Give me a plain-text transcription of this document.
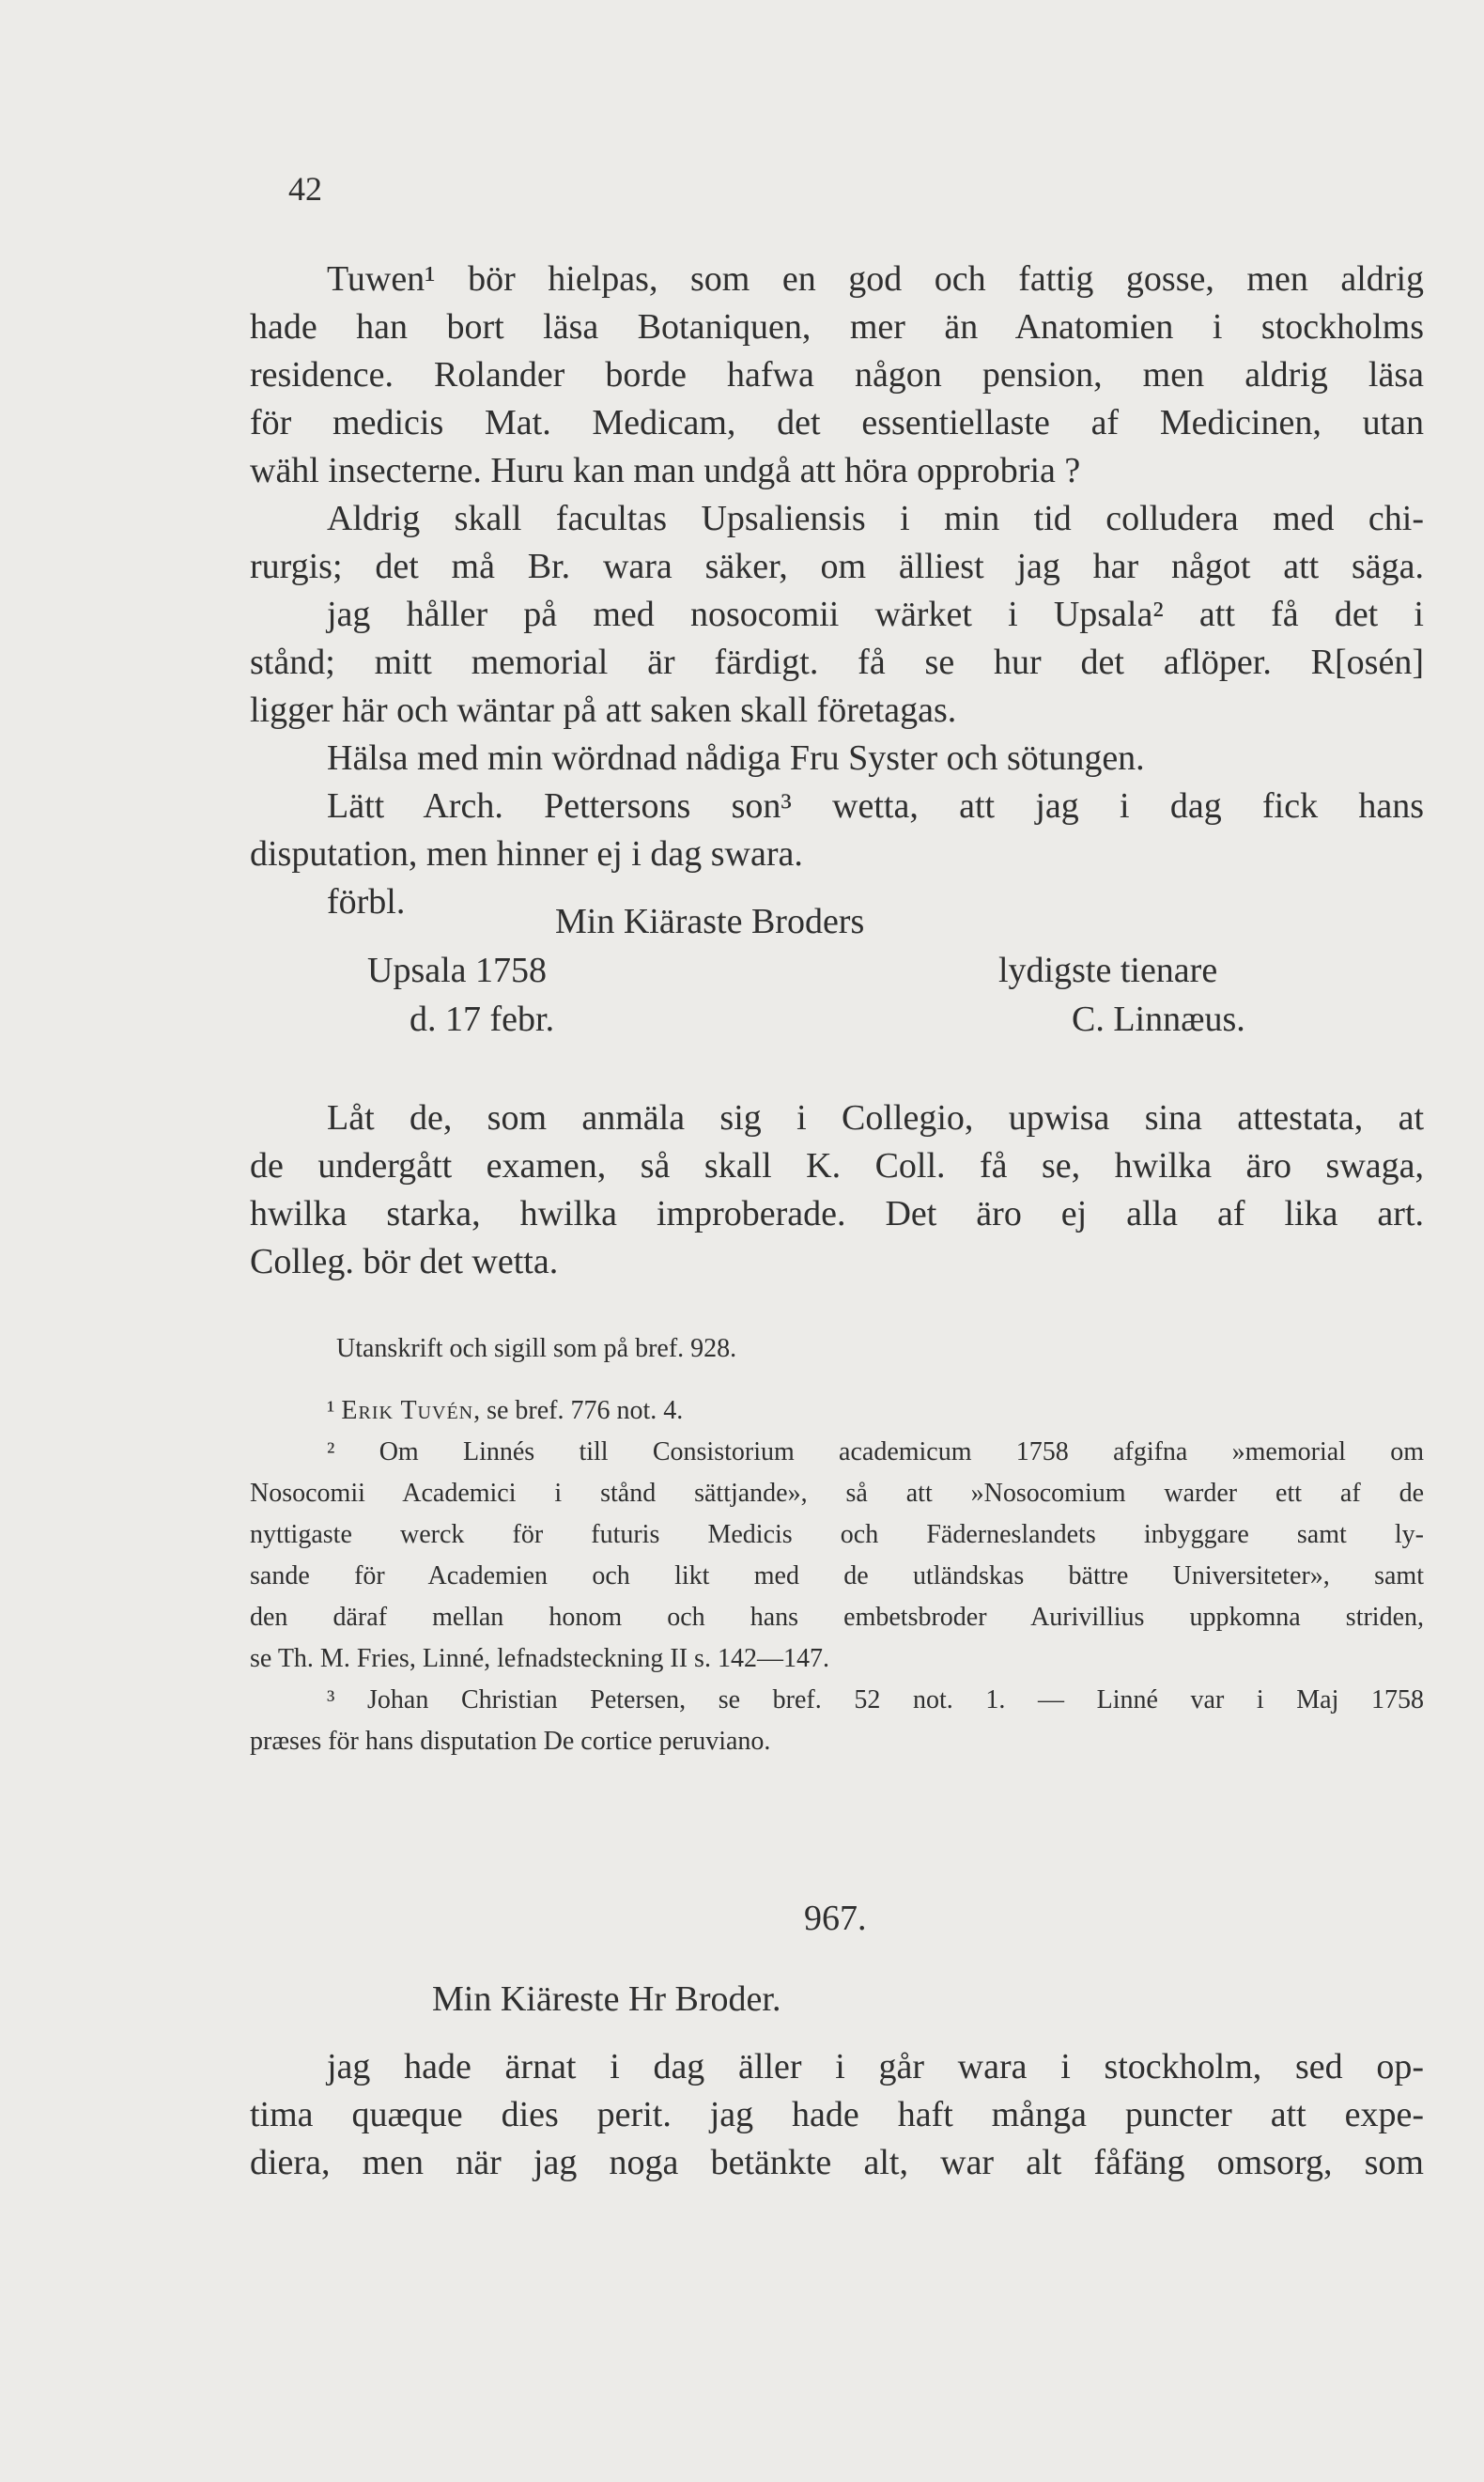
42

Tuwen¹ bör hielpas, som en god och fattig gosse, men aldrig
hade han bort läsa Botaniquen, mer än Anatomien i stockholms
residence. Rolander borde hafwa någon pension, men aldrig läsa
för medicis Mat. Medicam, det essentiellaste af Medicinen, utan
wähl insecterne. Huru kan man undgå att höra opprobria ?

Aldrig skall facultas Upsaliensis i min tid colludera med chi-
rurgis; det må Br. wara säker, om älliest jag har något att säga.

jag håller på med nosocomii wärket i Upsala² att få det i
stånd; mitt memorial är färdigt. få se hur det aflöper. R[osén]
ligger här och wäntar på att saken skall företagas.

Hälsa med min wördnad nådiga Fru Syster och sötungen.

Lätt Arch. Pettersons son³ wetta, att jag i dag fick hans
disputation, men hinner ej i dag swara.

förbl.	Min Kiäraste Broders
Upsala 1758	lydigste tienare
d. 17 febr.	C. Linnæus.

Låt de, som anmäla sig i Collegio, upwisa sina attestata, at
de undergått examen, så skall K. Coll. få se, hwilka äro swaga,
hwilka starka, hwilka improberade. Det äro ej alla af lika art.
Colleg. bör det wetta.

Utanskrift och sigill som på bref. 928.
¹ Erik Tuvén, se bref. 776 not. 4.
² Om Linnés till Consistorium academicum 1758 afgifna »memorial om
Nosocomii Academici i stånd sättjande», så att »Nosocomium warder ett af de
nyttigaste werck för futuris Medicis och Fäderneslandets inbyggare samt ly-
sande för Academien och likt med de utländskas bättre Universiteter», samt
den däraf mellan honom och hans embetsbroder Aurivillius uppkomna striden,
se Th. M. Fries, Linné, lefnadsteckning II s. 142—147.
³ Johan Christian Petersen, se bref. 52 not. 1. — Linné var i Maj 1758
præses för hans disputation De cortice peruviano.
967.
Min Kiäreste Hr Broder.

jag hade ärnat i dag äller i går wara i stockholm, sed op-
tima quæque dies perit. jag hade haft många puncter att expe-
diera, men när jag noga betänkte alt, war alt fåfäng omsorg, som
